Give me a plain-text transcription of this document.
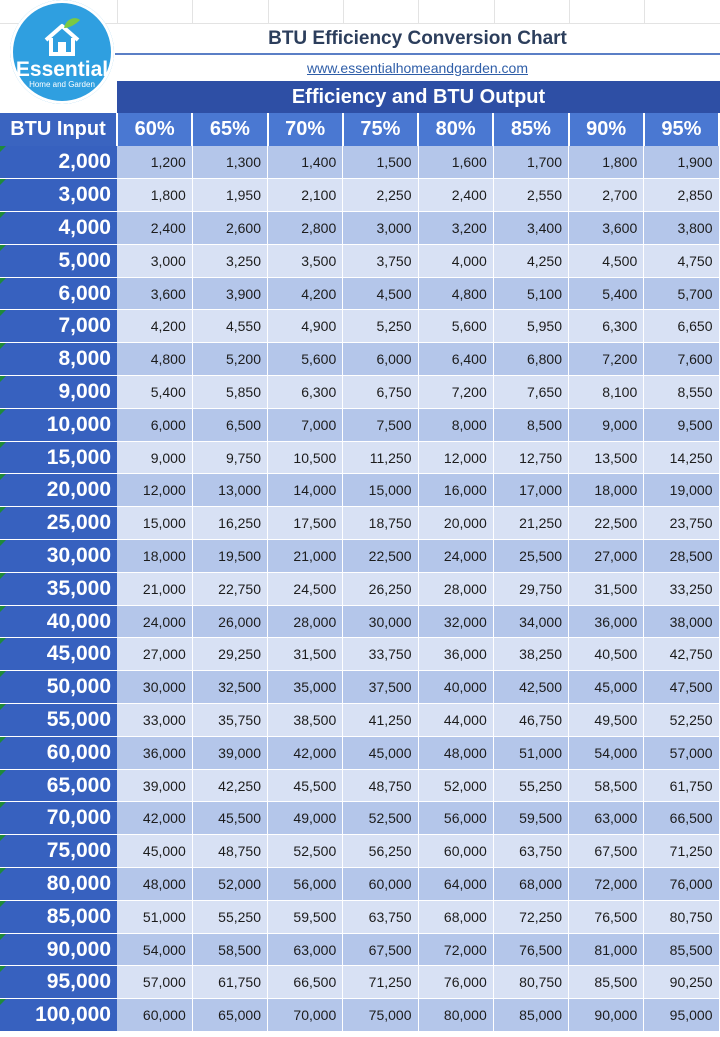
Essential
Home and Garden
BTU Efficiency Conversion Chart
www.essentialhomeandgarden.com
Efficiency and BTU Output
BTU Input	60%	65%	70%	75%	80%	85%	90%	95%

2,000	1,200	1,300	1,400	1,500	1,600	1,700	1,800	1,900

3,000	1,800	1,950	2,100	2,250	2,400	2,550	2,700	2,850

4,000	2,400	2,600	2,800	3,000	3,200	3,400	3,600	3,800

5,000	3,000	3,250	3,500	3,750	4,000	4,250	4,500	4,750

6,000	3,600	3,900	4,200	4,500	4,800	5,100	5,400	5,700

7,000	4,200	4,550	4,900	5,250	5,600	5,950	6,300	6,650

8,000	4,800	5,200	5,600	6,000	6,400	6,800	7,200	7,600

9,000	5,400	5,850	6,300	6,750	7,200	7,650	8,100	8,550

10,000	6,000	6,500	7,000	7,500	8,000	8,500	9,000	9,500

15,000	9,000	9,750	10,500	11,250	12,000	12,750	13,500	14,250

20,000	12,000	13,000	14,000	15,000	16,000	17,000	18,000	19,000

25,000	15,000	16,250	17,500	18,750	20,000	21,250	22,500	23,750

30,000	18,000	19,500	21,000	22,500	24,000	25,500	27,000	28,500

35,000	21,000	22,750	24,500	26,250	28,000	29,750	31,500	33,250

40,000	24,000	26,000	28,000	30,000	32,000	34,000	36,000	38,000

45,000	27,000	29,250	31,500	33,750	36,000	38,250	40,500	42,750

50,000	30,000	32,500	35,000	37,500	40,000	42,500	45,000	47,500

55,000	33,000	35,750	38,500	41,250	44,000	46,750	49,500	52,250

60,000	36,000	39,000	42,000	45,000	48,000	51,000	54,000	57,000

65,000	39,000	42,250	45,500	48,750	52,000	55,250	58,500	61,750

70,000	42,000	45,500	49,000	52,500	56,000	59,500	63,000	66,500

75,000	45,000	48,750	52,500	56,250	60,000	63,750	67,500	71,250

80,000	48,000	52,000	56,000	60,000	64,000	68,000	72,000	76,000

85,000	51,000	55,250	59,500	63,750	68,000	72,250	76,500	80,750

90,000	54,000	58,500	63,000	67,500	72,000	76,500	81,000	85,500

95,000	57,000	61,750	66,500	71,250	76,000	80,750	85,500	90,250

100,000	60,000	65,000	70,000	75,000	80,000	85,000	90,000	95,000
